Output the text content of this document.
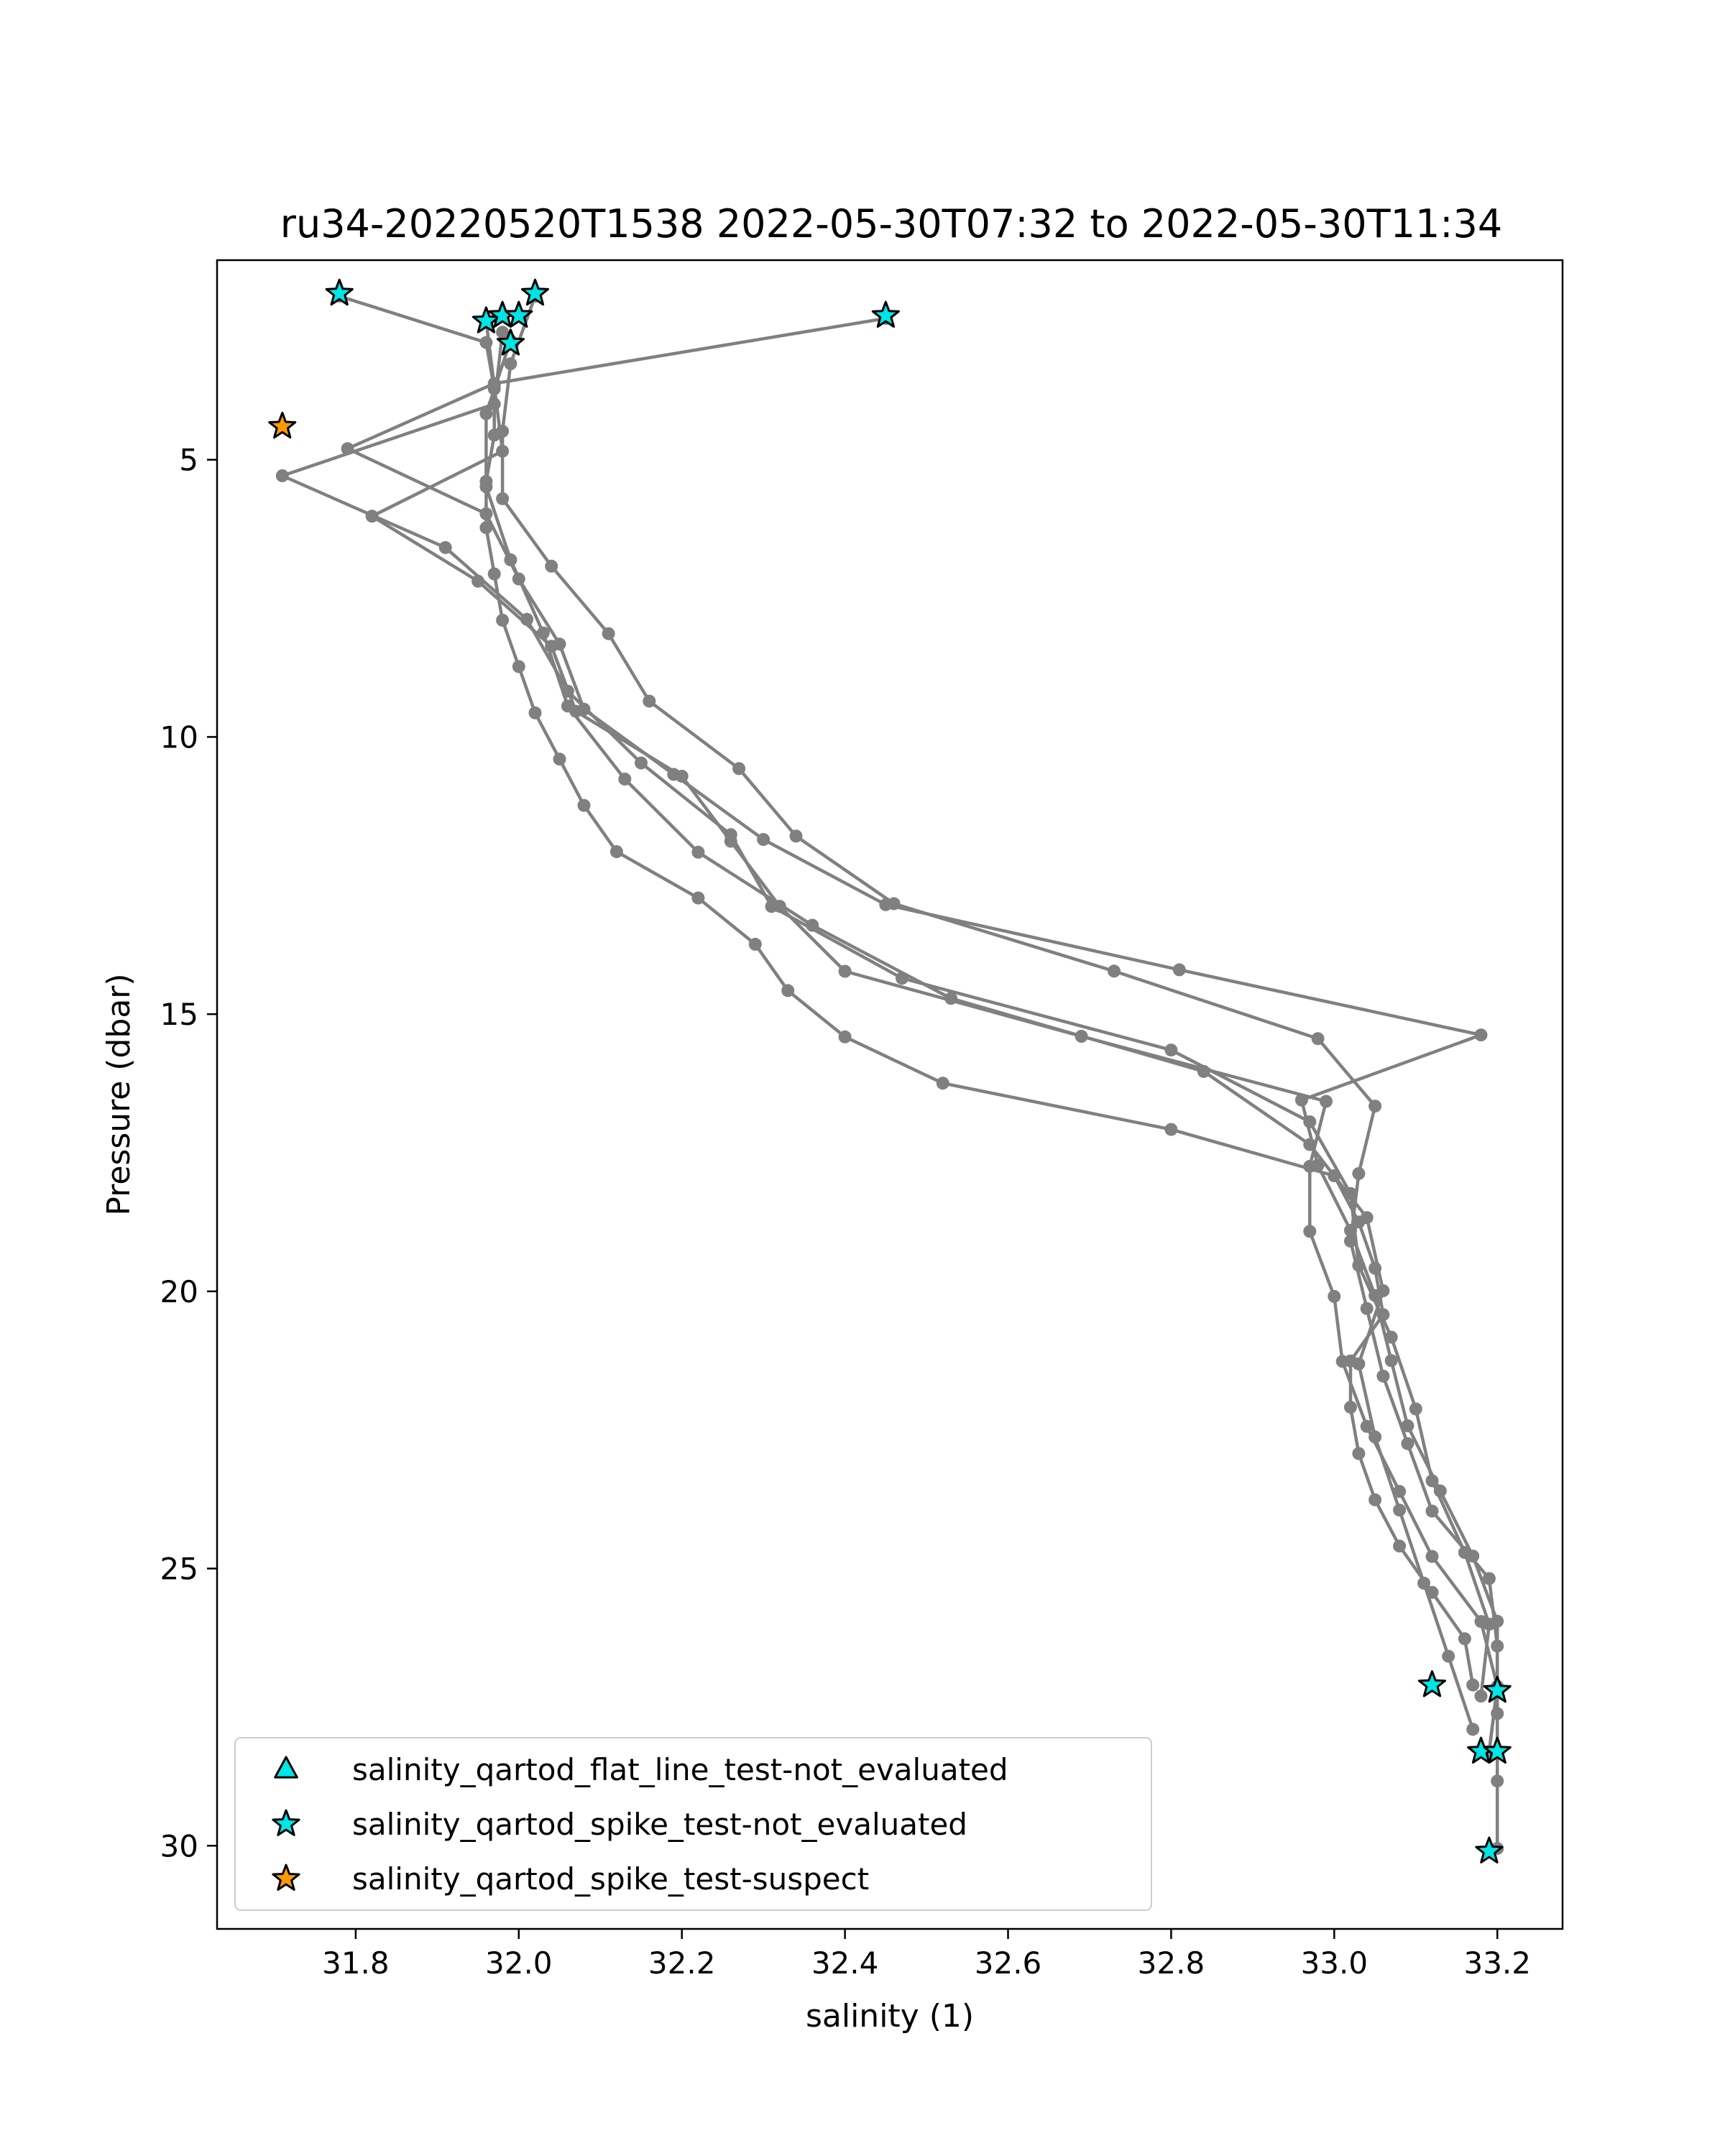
ru34-20220520T1538 2022-05-30T07:32 to 2022-05-30T11:34
31.8	32.0	32.2	32.4	32.6	32.8	33.0	33.2
5
10
15
20
25
30
salinity (1)
Pressure (dbar)
salinity_qartod_flat_line_test-not_evaluated
salinity_qartod_spike_test-not_evaluated
salinity_qartod_spike_test-suspect
